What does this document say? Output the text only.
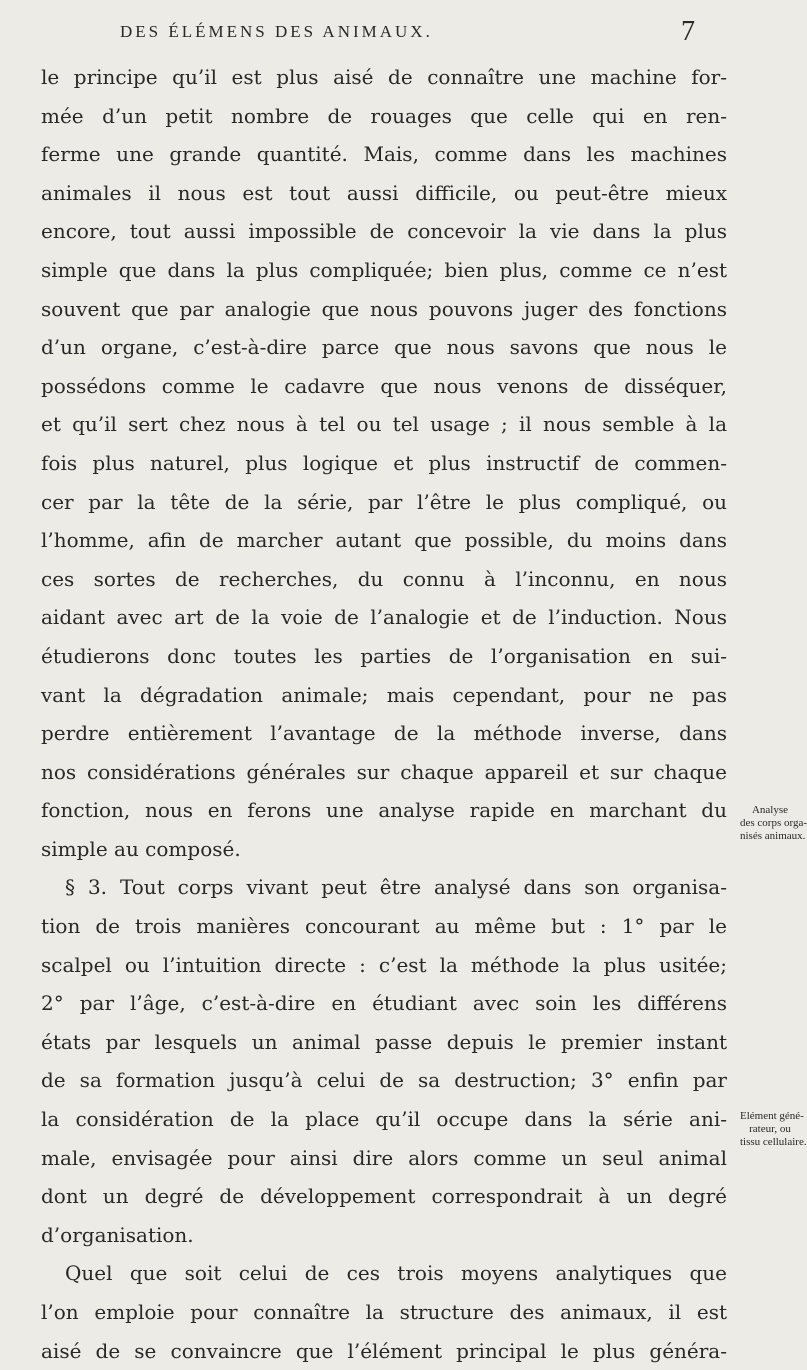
DES ÉLÉMENS DES ANIMAUX.	7
le principe qu’il est plus aisé de connaître une machine for-
mée d’un petit nombre de rouages que celle qui en ren-
ferme une grande quantité. Mais, comme dans les machines
animales il nous est tout aussi difficile, ou peut-être mieux
encore, tout aussi impossible de concevoir la vie dans la plus
simple que dans la plus compliquée; bien plus, comme ce n’est
souvent que par analogie que nous pouvons juger des fonctions
d’un organe, c’est-à-dire parce que nous savons que nous le
possédons comme le cadavre que nous venons de disséquer,
et qu’il sert chez nous à tel ou tel usage ; il nous semble à la
fois plus naturel, plus logique et plus instructif de commen-
cer par la tête de la série, par l’être le plus compliqué, ou
l’homme, afin de marcher autant que possible, du moins dans
ces sortes de recherches, du connu à l’inconnu, en nous
aidant avec art de la voie de l’analogie et de l’induction. Nous
étudierons donc toutes les parties de l’organisation en sui-
vant la dégradation animale; mais cependant, pour ne pas
perdre entièrement l’avantage de la méthode inverse, dans
nos considérations générales sur chaque appareil et sur chaque
fonction, nous en ferons une analyse rapide en marchant du
simple au composé.
§ 3. Tout corps vivant peut être analysé dans son organisa-
tion de trois manières concourant au même but : 1° par le
scalpel ou l’intuition directe : c’est la méthode la plus usitée;
2° par l’âge, c’est-à-dire en étudiant avec soin les différens
états par lesquels un animal passe depuis le premier instant
de sa formation jusqu’à celui de sa destruction; 3° enfin par
la considération de la place qu’il occupe dans la série ani-
male, envisagée pour ainsi dire alors comme un seul animal
dont un degré de développement correspondrait à un degré
d’organisation.
Quel que soit celui de ces trois moyens analytiques que
l’on emploie pour connaître la structure des animaux, il est
aisé de se convaincre que l’élément principal le plus généra-
Analyse
des corps orga-
nisés animaux.
Elément géné-
rateur, ou
tissu cellulaire.
